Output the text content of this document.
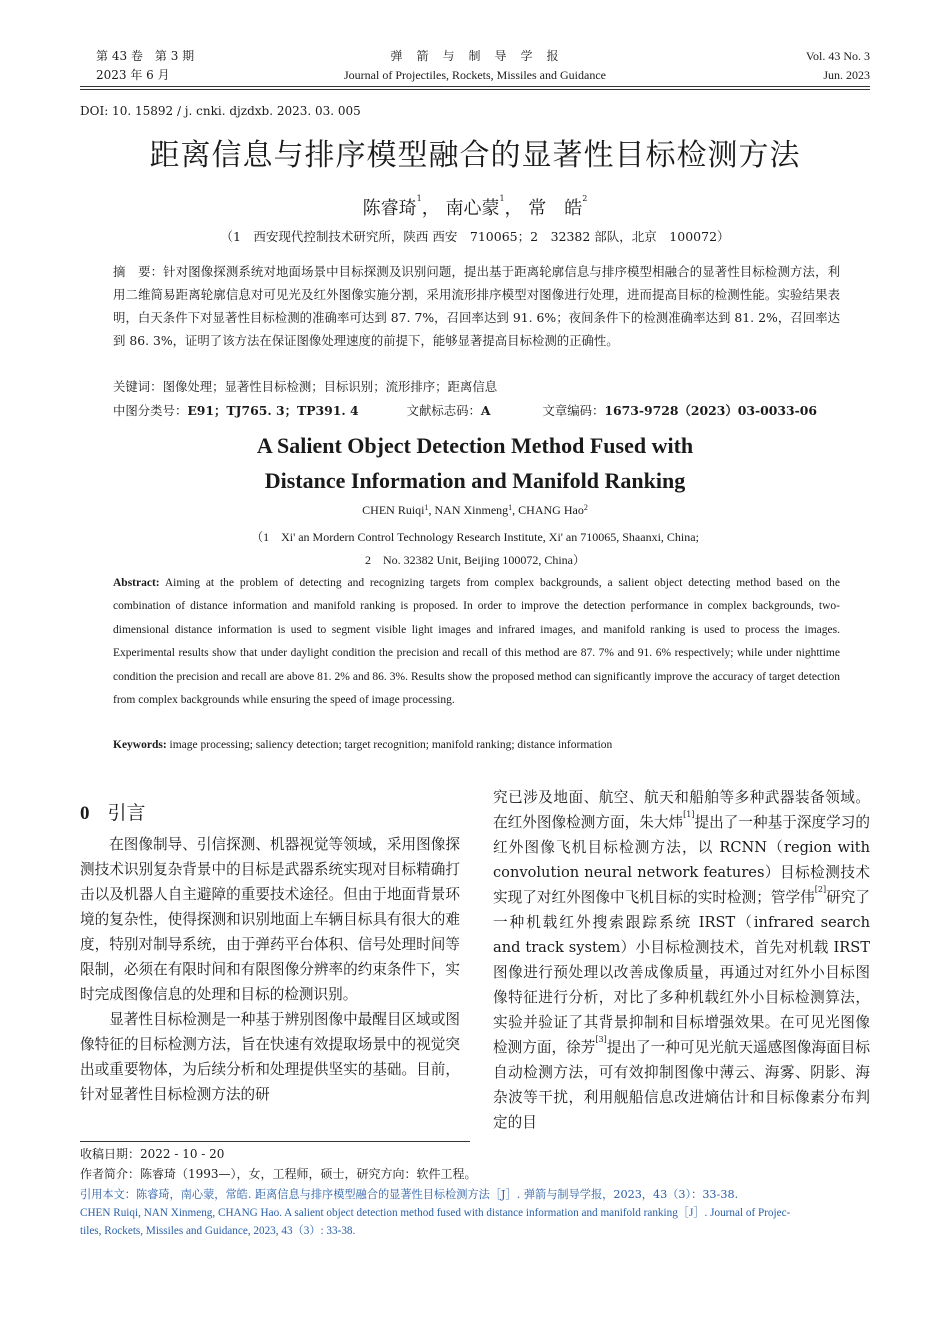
第 43 卷　第 3 期
2023 年 6 月
弹　箭　与　制　导　学　报
Journal of Projectiles, Rockets, Missiles and Guidance
Vol. 43 No. 3
Jun. 2023
DOI: 10. 15892 / j. cnki. djzdxb. 2023. 03. 005
距离信息与排序模型融合的显著性目标检测方法
陈睿琦$^1$， 南心蒙$^1$， 常　皓$^2$
（1　西安现代控制技术研究所，陕西 西安　710065；2　32382 部队，北京　100072）
摘　要：针对图像探测系统对地面场景中目标探测及识别问题，提出基于距离轮廓信息与排序模型相融合的显著性目标检测方法，利用二维简易距离轮廓信息对可见光及红外图像实施分割，采用流形排序模型对图像进行处理，进而提高目标的检测性能。实验结果表明，白天条件下对显著性目标检测的准确率可达到 87. 7%，召回率达到 91. 6%；夜间条件下的检测准确率达到 81. 2%，召回率达到 86. 3%，证明了该方法在保证图像处理速度的前提下，能够显著提高目标检测的正确性。
关键词：图像处理；显著性目标检测；目标识别；流形排序；距离信息
中图分类号：E91；TJ765. 3；TP391. 4	文献标志码：A	文章编码：1673-9728（2023）03-0033-06
A Salient Object Detection Method Fused with
Distance Information and Manifold Ranking
CHEN Ruiqi$^1$, NAN Xinmeng$^1$, CHANG Hao$^2$
（1　Xi' an Mordern Control Technology Research Institute, Xi' an 710065, Shaanxi, China;
2　No. 32382 Unit, Beijing 100072, China）
Abstract: Aiming at the problem of detecting and recognizing targets from complex backgrounds, a salient object detecting method based on the combination of distance information and manifold ranking is proposed. In order to improve the detection performance in complex backgrounds, two-dimensional distance information is used to segment visible light images and infrared images, and manifold ranking is used to process the images. Experimental results show that under daylight condition the precision and recall of this method are 87. 7% and 91. 6% respectively; while under nighttime condition the precision and recall are above 81. 2% and 86. 3%. Results show the proposed method can significantly improve the accuracy of target detection from complex backgrounds while ensuring the speed of image processing.
Keywords: image processing; saliency detection; target recognition; manifold ranking; distance information
0 引言

在图像制导、引信探测、机器视觉等领域，采用图像探测技术识别复杂背景中的目标是武器系统实现对目标精确打击以及机器人自主避障的重要技术途径。但由于地面背景环境的复杂性，使得探测和识别地面上车辆目标具有很大的难度，特别对制导系统，由于弹药平台体积、信号处理时间等限制，必须在有限时间和有限图像分辨率的约束条件下，实时完成图像信息的处理和目标的检测识别。

显著性目标检测是一种基于辨别图像中最醒目区域或图像特征的目标检测方法，旨在快速有效提取场景中的视觉突出或重要物体，为后续分析和处理提供坚实的基础。目前，针对显著性目标检测方法的研

究已涉及地面、航空、航天和船舶等多种武器装备领域。在红外图像检测方面，朱大炜[1]提出了一种基于深度学习的红外图像飞机目标检测方法，以 RCNN（region with convolution neural network features）目标检测技术实现了对红外图像中飞机目标的实时检测；管学伟[2]研究了一种机载红外搜索跟踪系统 IRST（infrared search and track system）小目标检测技术，首先对机载 IRST 图像进行预处理以改善成像质量，再通过对红外小目标图像特征进行分析，对比了多种机载红外小目标检测算法，实验并验证了其背景抑制和目标增强效果。在可见光图像检测方面，徐芳[3]提出了一种可见光航天遥感图像海面目标自动检测方法，可有效抑制图像中薄云、海雾、阴影、海杂波等干扰，利用舰船信息改进熵估计和目标像素分布判定的目

收稿日期：2022 - 10 - 20
作者简介：陈睿琦（1993—），女，工程师，硕士，研究方向：软件工程。
引用本文：陈睿琦，南心蒙，常皓. 距离信息与排序模型融合的显著性目标检测方法［J］. 弹箭与制导学报，2023，43（3）：33-38.
CHEN Ruiqi, NAN Xinmeng, CHANG Hao. A salient object detection method fused with distance information and manifold ranking［J］. Journal of Projec-
tiles, Rockets, Missiles and Guidance, 2023, 43（3）: 33-38.
